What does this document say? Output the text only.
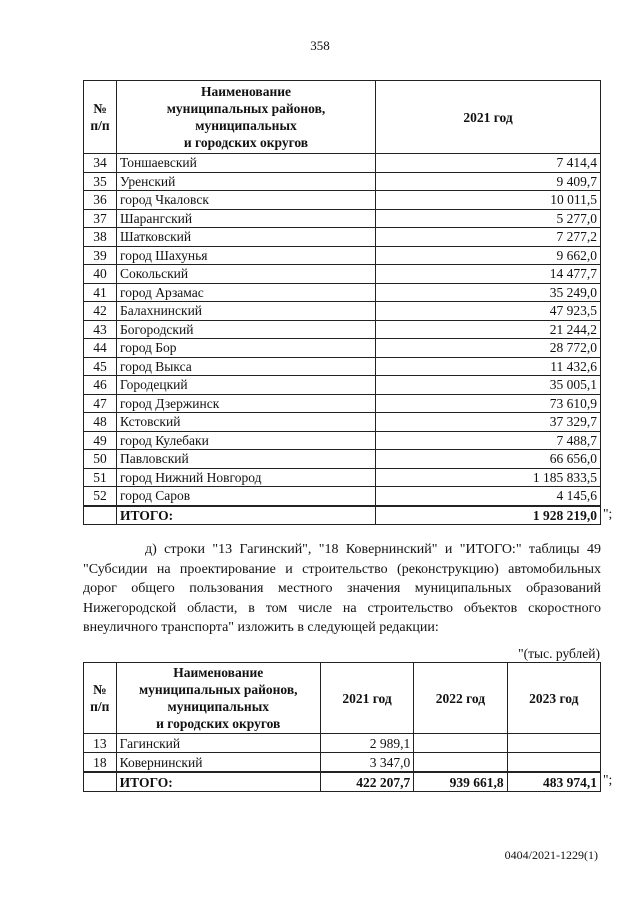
358
№ п/п	Наименование
муниципальных районов,
муниципальных
и городских округов	2021 год
34	Тоншаевский	7 414,4
35	Уренский	9 409,7
36	город Чкаловск	10 011,5
37	Шарангский	5 277,0
38	Шатковский	7 277,2
39	город Шахунья	9 662,0
40	Сокольский	14 477,7
41	город Арзамас	35 249,0
42	Балахнинский	47 923,5
43	Богородский	21 244,2
44	город Бор	28 772,0
45	город Выкса	11 432,6
46	Городецкий	35 005,1
47	город Дзержинск	73 610,9
48	Кстовский	37 329,7
49	город Кулебаки	7 488,7
50	Павловский	66 656,0
51	город Нижний Новгород	1 185 833,5
52	город Саров	4 145,6
	ИТОГО:	1 928 219,0 ";
д) строки "13 Гагинский", "18 Ковернинский" и "ИТОГО:" таблицы 49 "Субсидии на проектирование и строительство (реконструкцию) автомобильных дорог общего пользования местного значения муниципальных образований Нижегородской области, в том числе на строительство объектов скоростного внеуличного транспорта" изложить в следующей редакции:
"(тыс. рублей)
№ п/п	Наименование
муниципальных районов,
муниципальных
и городских округов	2021 год	2022 год	2023 год
13	Гагинский	2 989,1		
18	Ковернинский	3 347,0		
	ИТОГО:	422 207,7	939 661,8	483 974,1 ";
0404/2021-1229(1)
